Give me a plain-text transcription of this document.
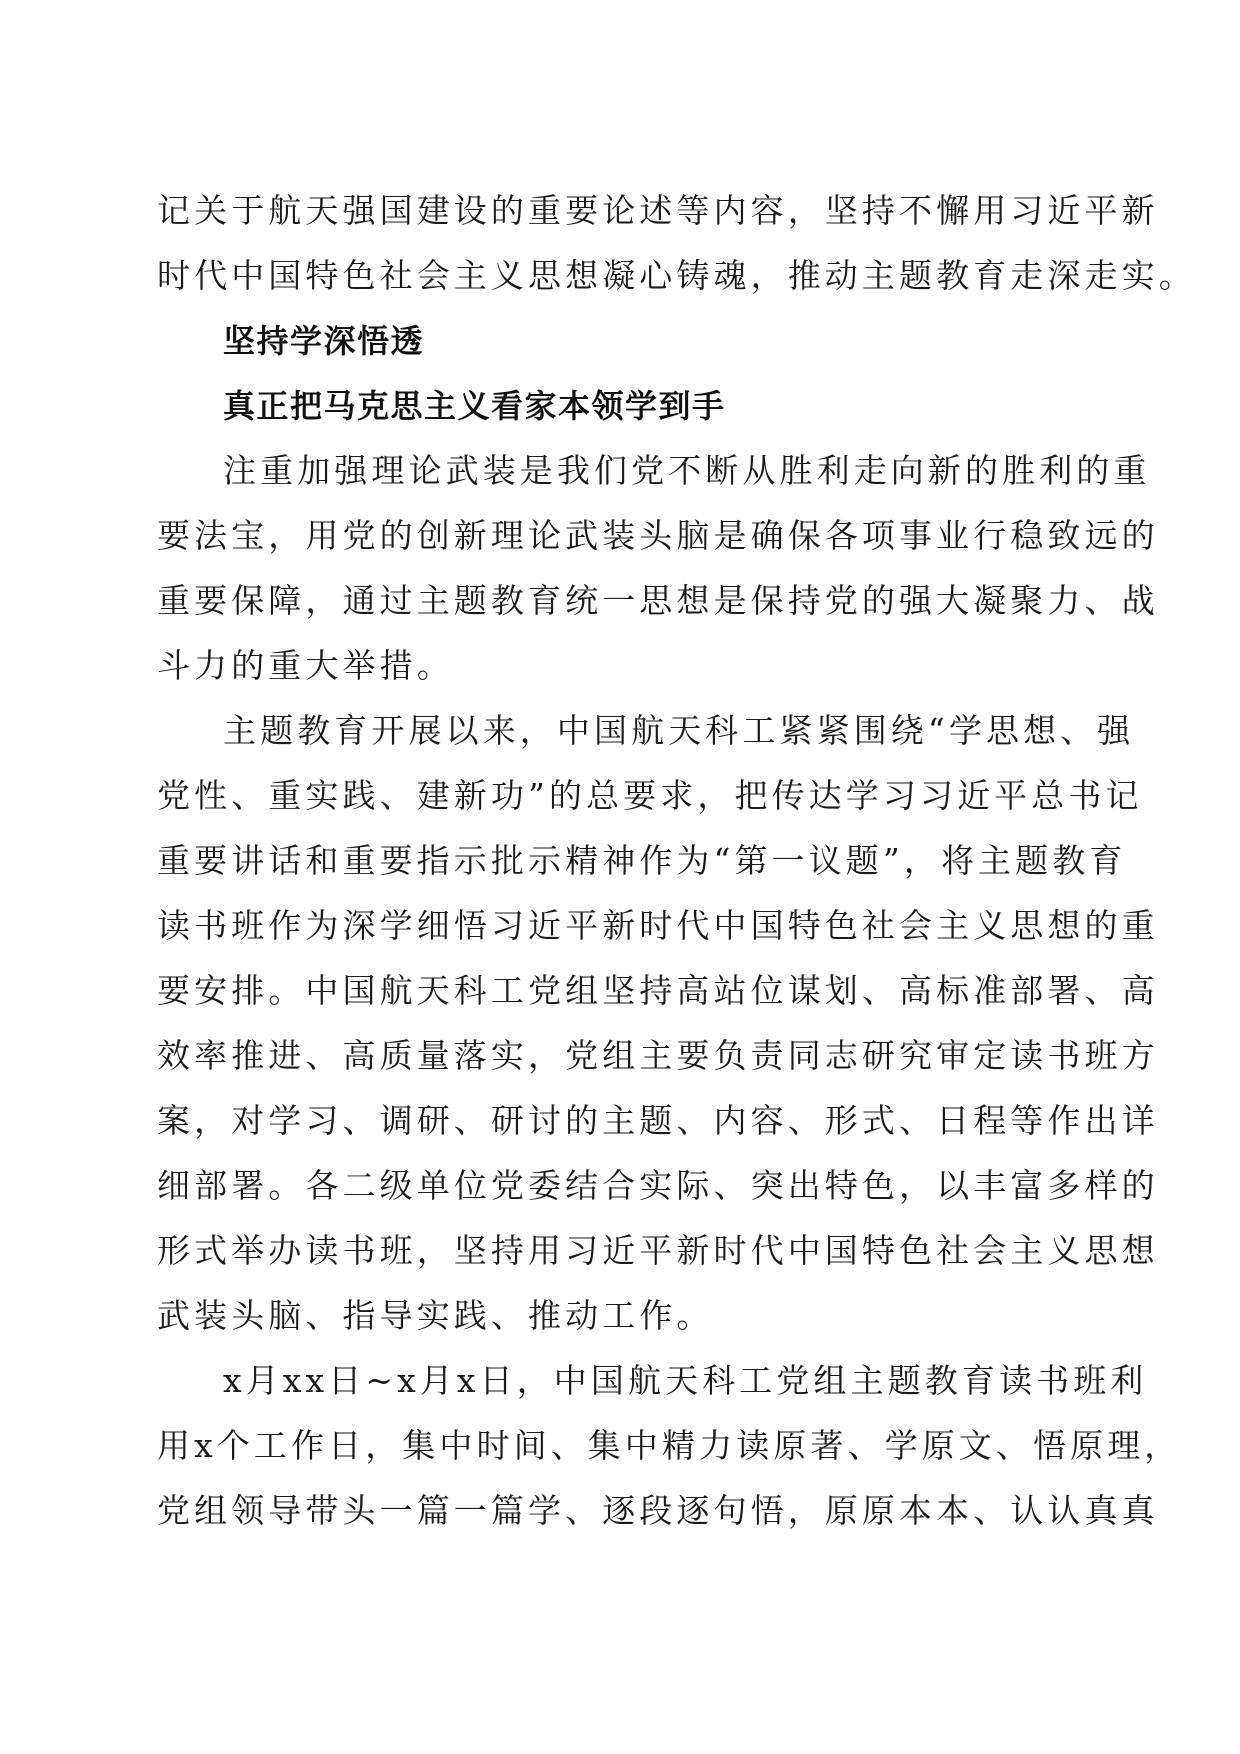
记关于航天强国建设的重要论述等内容，坚持不懈用习近平新
时代中国特色社会主义思想凝心铸魂，推动主题教育走深走实。
坚持学深悟透
真正把马克思主义看家本领学到手
注重加强理论武装是我们党不断从胜利走向新的胜利的重
要法宝，用党的创新理论武装头脑是确保各项事业行稳致远的
重要保障，通过主题教育统一思想是保持党的强大凝聚力、战
斗力的重大举措。
主题教育开展以来，中国航天科工紧紧围绕“学思想、强
党性、重实践、建新功”的总要求，把传达学习习近平总书记
重要讲话和重要指示批示精神作为“第一议题”，将主题教育
读书班作为深学细悟习近平新时代中国特色社会主义思想的重
要安排。中国航天科工党组坚持高站位谋划、高标准部署、高
效率推进、高质量落实，党组主要负责同志研究审定读书班方
案，对学习、调研、研讨的主题、内容、形式、日程等作出详
细部署。各二级单位党委结合实际、突出特色，以丰富多样的
形式举办读书班，坚持用习近平新时代中国特色社会主义思想
武装头脑、指导实践、推动工作。
x月xx日~x月x日，中国航天科工党组主题教育读书班利
用x个工作日，集中时间、集中精力读原著、学原文、悟原理，
党组领导带头一篇一篇学、逐段逐句悟，原原本本、认认真真
